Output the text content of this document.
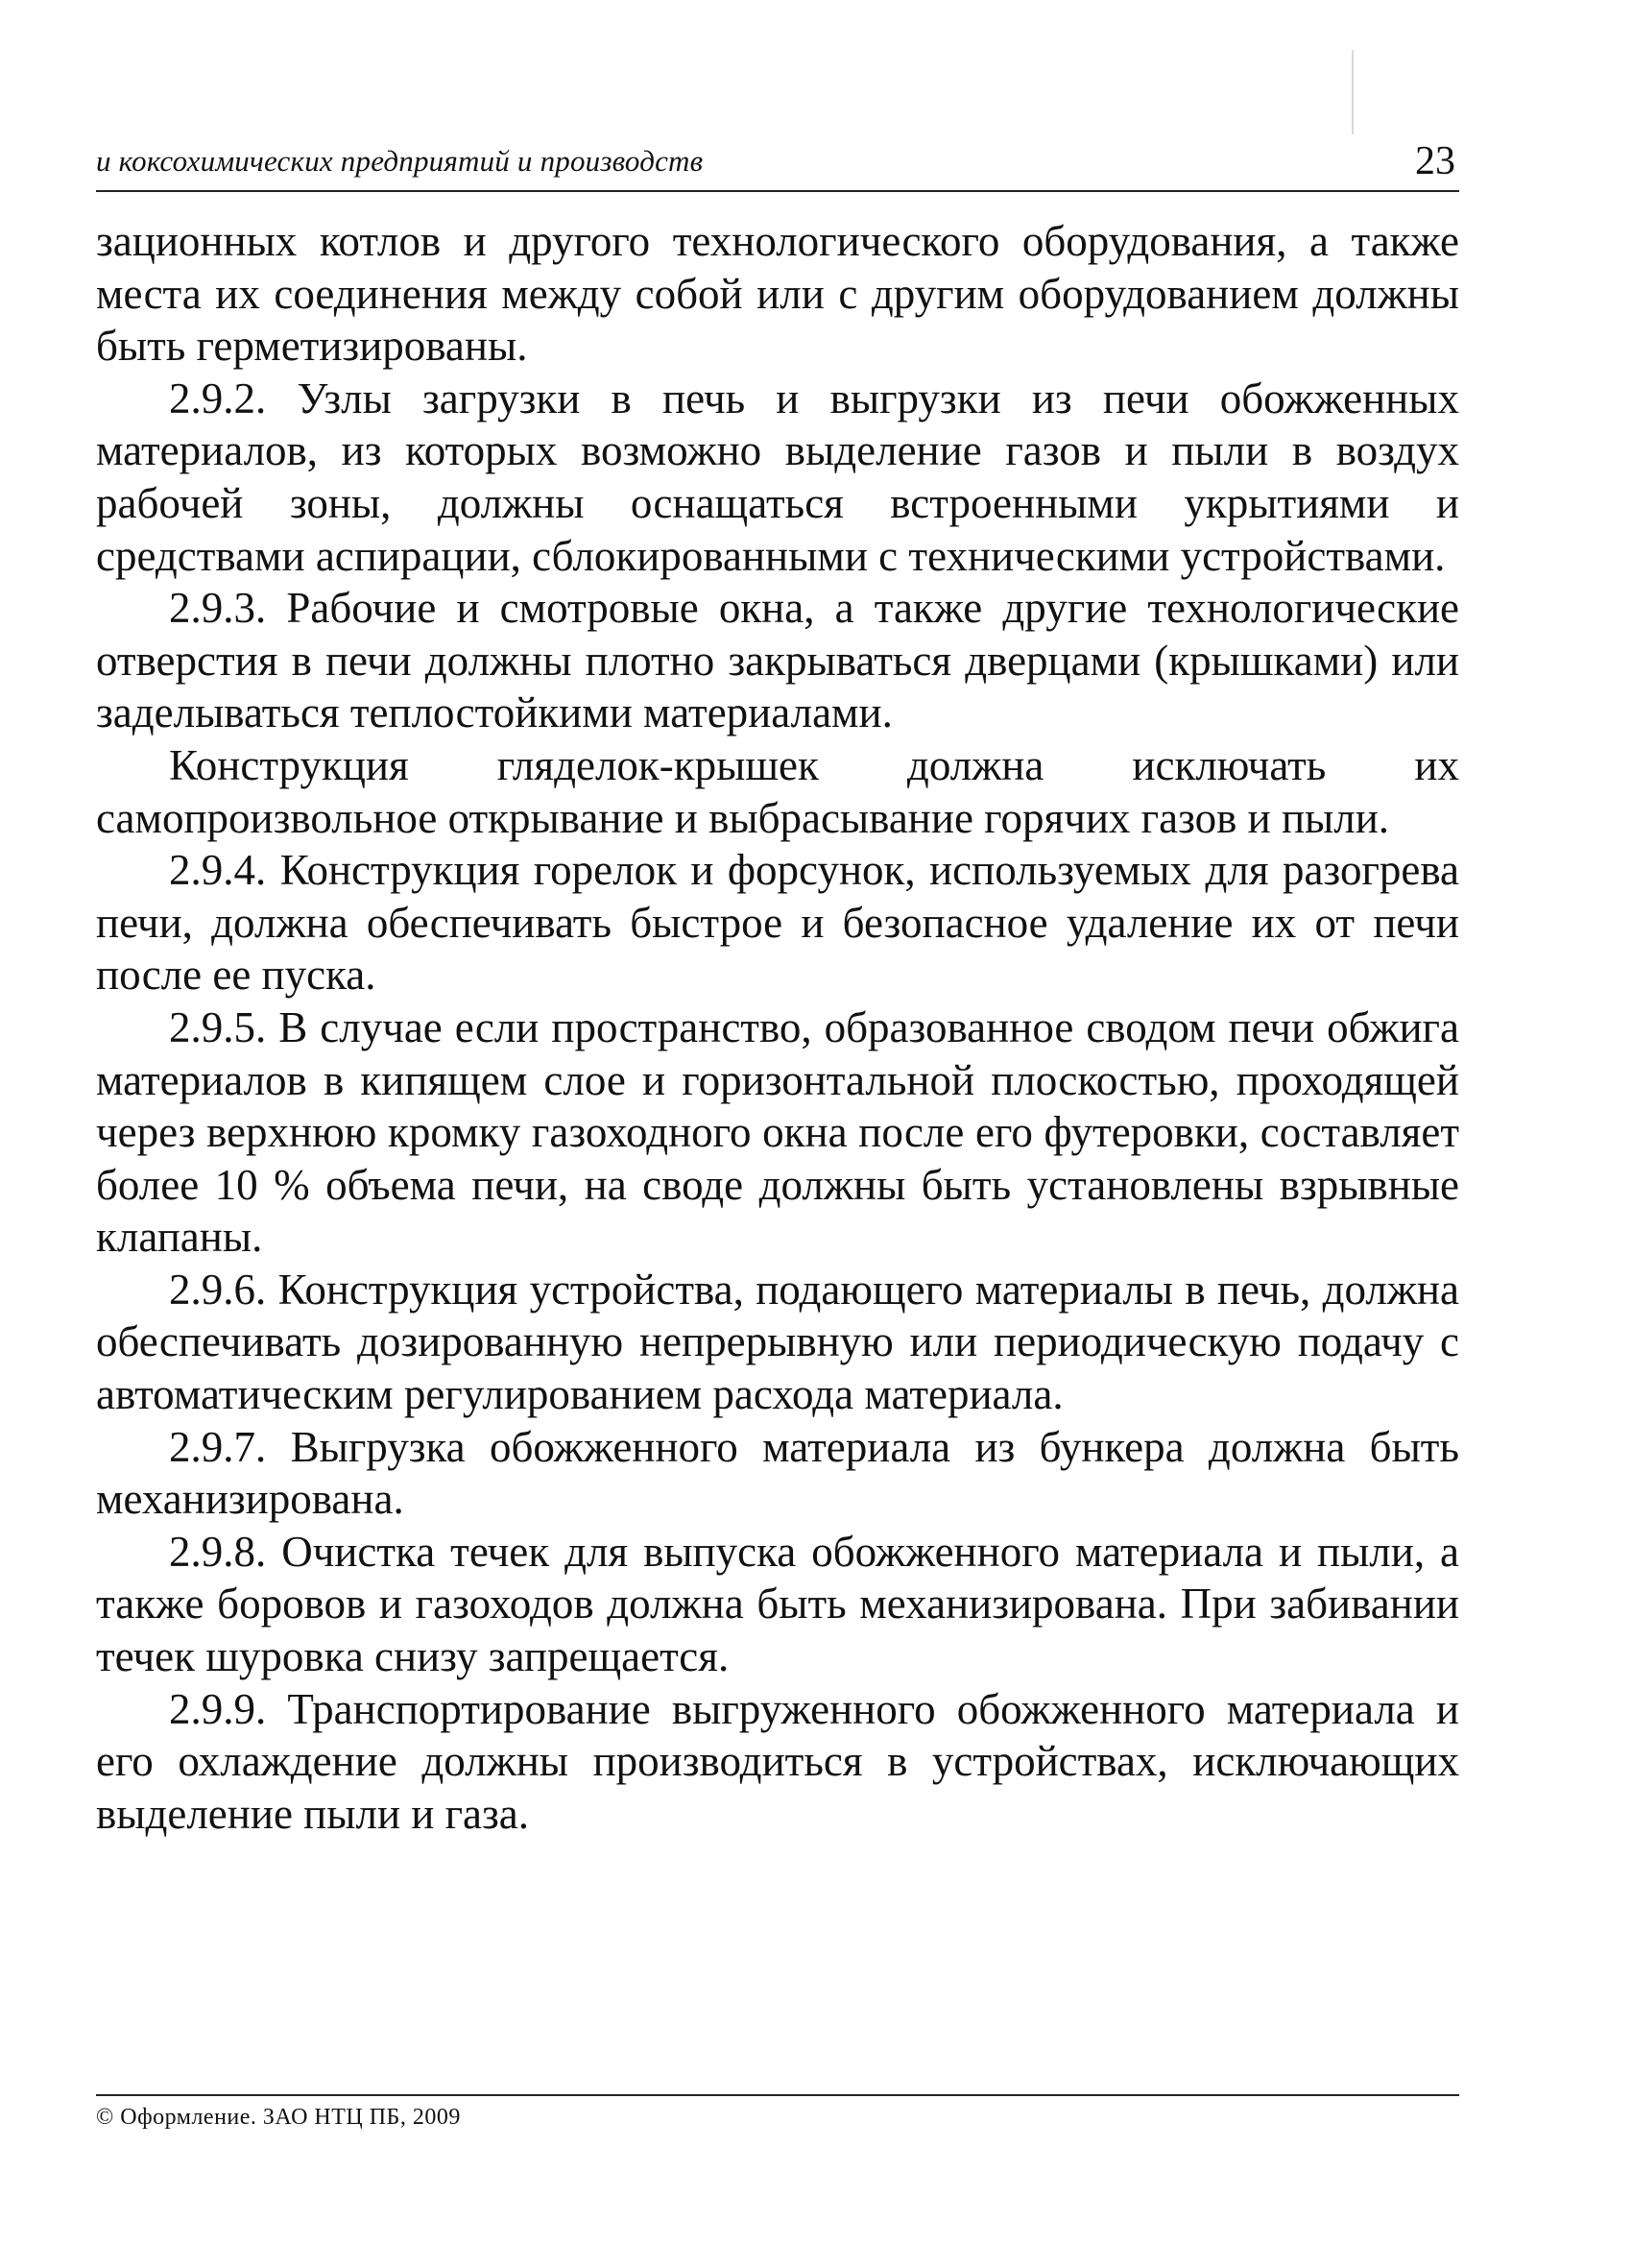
и коксохимических предприятий и производств	23

зационных котлов и другого технологического оборудования, а также места их соединения между собой или с другим оборудованием должны быть герметизированы.

2.9.2. Узлы загрузки в печь и выгрузки из печи обожженных материалов, из которых возможно выделение газов и пыли в воздух рабочей зоны, должны оснащаться встроенными укрытиями и средствами аспирации, сблокированными с техническими устройствами.

2.9.3. Рабочие и смотровые окна, а также другие технологические отверстия в печи должны плотно закрываться дверцами (крышками) или заделываться теплостойкими материалами.

Конструкция гляделок-крышек должна исключать их самопроизвольное открывание и выбрасывание горячих газов и пыли.

2.9.4. Конструкция горелок и форсунок, используемых для разогрева печи, должна обеспечивать быстрое и безопасное удаление их от печи после ее пуска.

2.9.5. В случае если пространство, образованное сводом печи обжига материалов в кипящем слое и горизонтальной плоскостью, проходящей через верхнюю кромку газоходного окна после его футеровки, составляет более 10 % объема печи, на своде должны быть установлены взрывные клапаны.

2.9.6. Конструкция устройства, подающего материалы в печь, должна обеспечивать дозированную непрерывную или периодическую подачу с автоматическим регулированием расхода материала.

2.9.7. Выгрузка обожженного материала из бункера должна быть механизирована.

2.9.8. Очистка течек для выпуска обожженного материала и пыли, а также боровов и газоходов должна быть механизирована. При забивании течек шуровка снизу запрещается.

2.9.9. Транспортирование выгруженного обожженного материала и его охлаждение должны производиться в устройствах, исключающих выделение пыли и газа.

© Оформление. ЗАО НТЦ ПБ, 2009
